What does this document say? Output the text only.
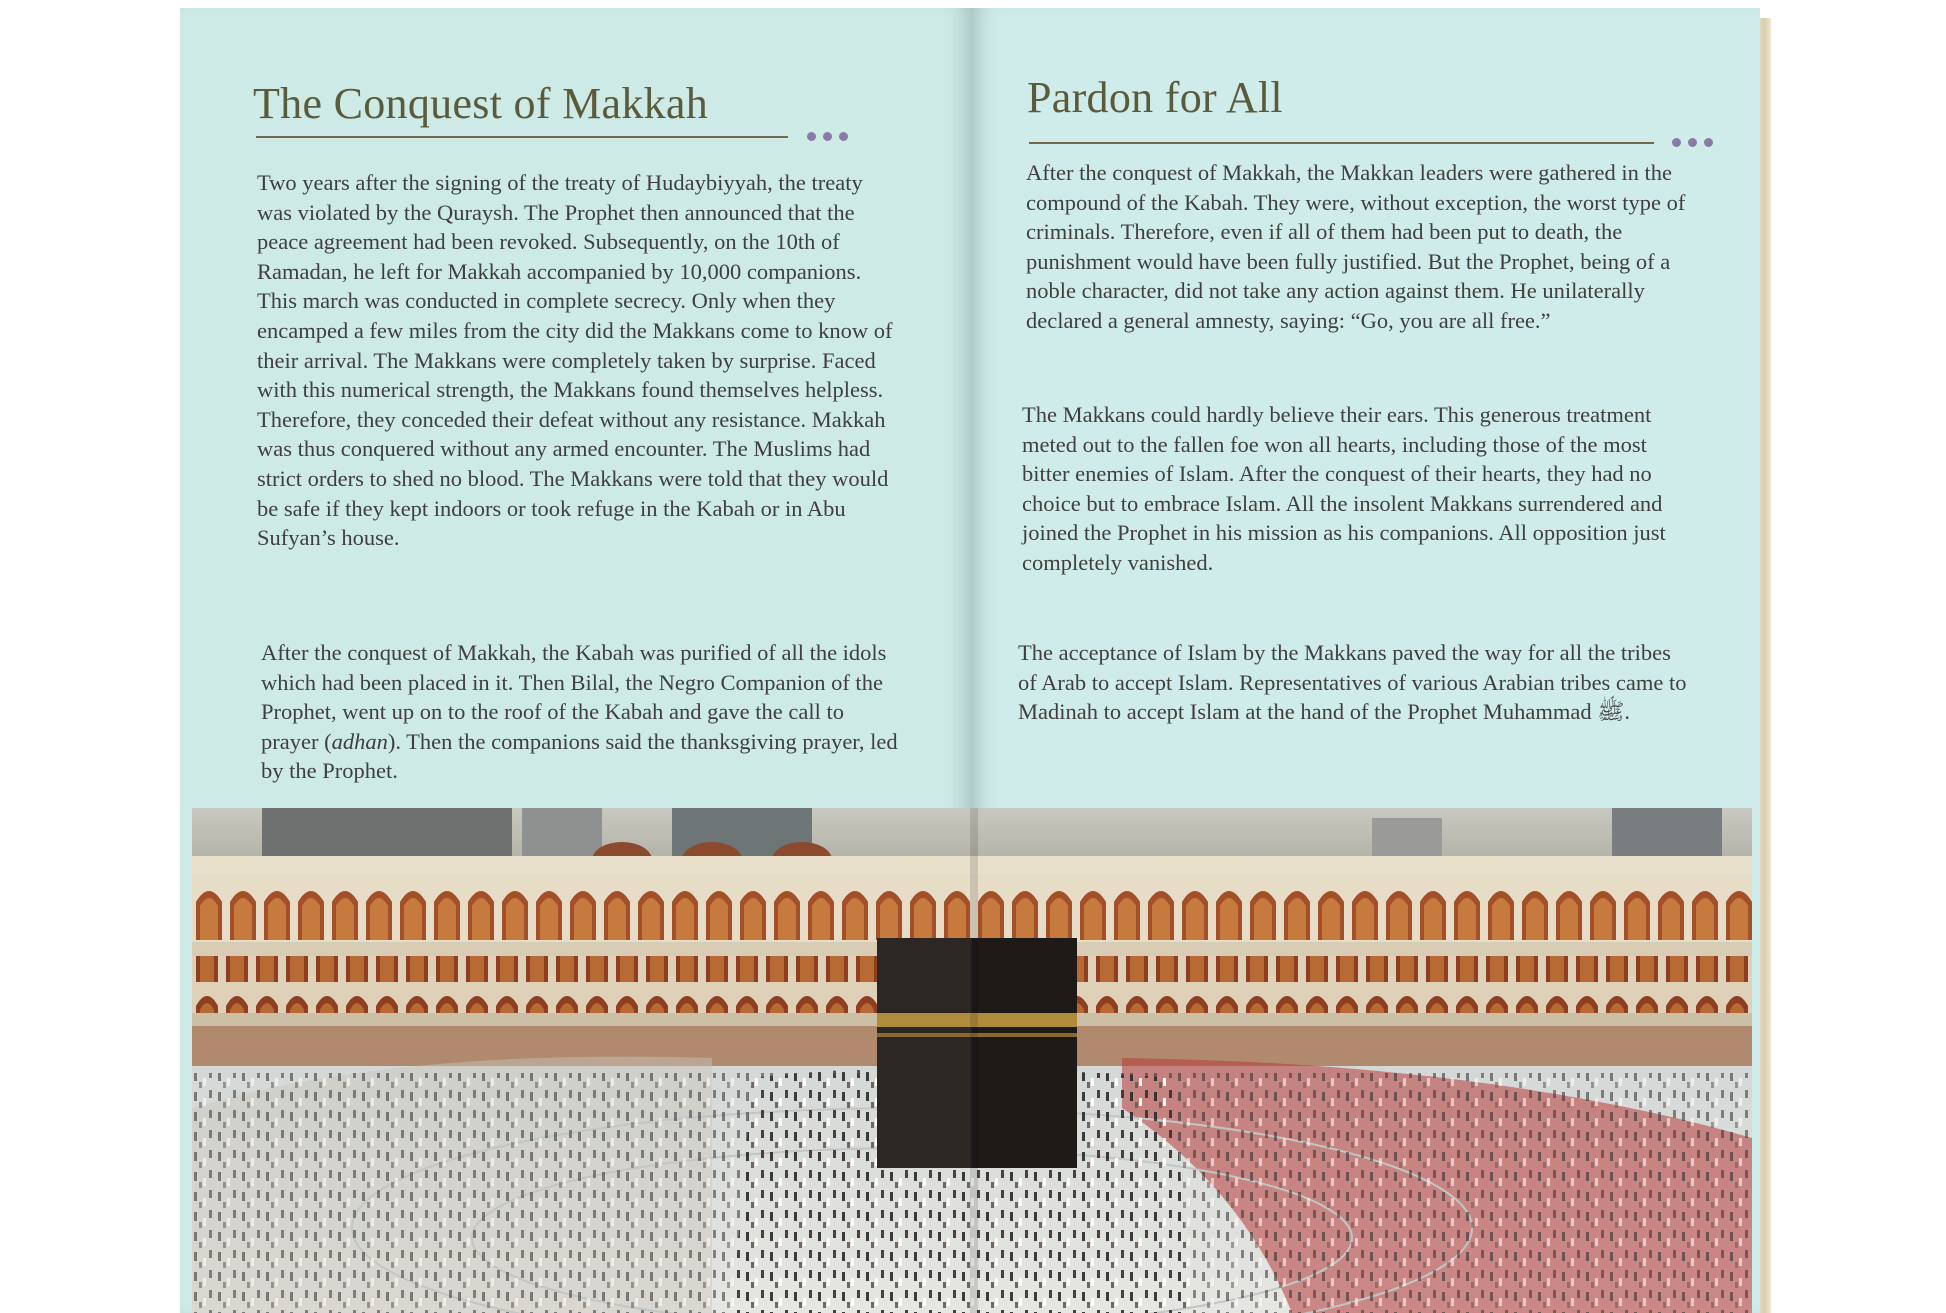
The Conquest of Makkah

Two years after the signing of the treaty of Hudaybiyyah, the treaty was violated by the Quraysh. The Prophet then announced that the peace agreement had been revoked. Subsequently, on the 10th of Ramadan, he left for Makkah accompanied by 10,000 companions. This march was conducted in complete secrecy. Only when they encamped a few miles from the city did the Makkans come to know of their arrival. The Makkans were completely taken by surprise. Faced with this numerical strength, the Makkans found themselves helpless. Therefore, they conceded their defeat without any resistance. Makkah was thus conquered without any armed encounter. The Muslims had strict orders to shed no blood. The Makkans were told that they would be safe if they kept indoors or took refuge in the Kabah or in Abu Sufyan’s house.

After the conquest of Makkah, the Kabah was purified of all the idols which had been placed in it. Then Bilal, the Negro Companion of the Prophet, went up on to the roof of the Kabah and gave the call to prayer (adhan). Then the companions said the thanksgiving prayer, led by the Prophet.

Pardon for All

After the conquest of Makkah, the Makkan leaders were gathered in the compound of the Kabah. They were, without exception, the worst type of criminals. Therefore, even if all of them had been put to death, the punishment would have been fully justified. But the Prophet, being of a noble character, did not take any action against them. He unilaterally declared a general amnesty, saying: “Go, you are all free.”

The Makkans could hardly believe their ears. This generous treatment meted out to the fallen foe won all hearts, including those of the most bitter enemies of Islam. After the conquest of their hearts, they had no choice but to embrace Islam. All the insolent Makkans surrendered and joined the Prophet in his mission as his companions. All opposition just completely vanished.

The acceptance of Islam by the Makkans paved the way for all the tribes of Arab to accept Islam. Representatives of various Arabian tribes came to Madinah to accept Islam at the hand of the Prophet Muhammad ﷺ.
